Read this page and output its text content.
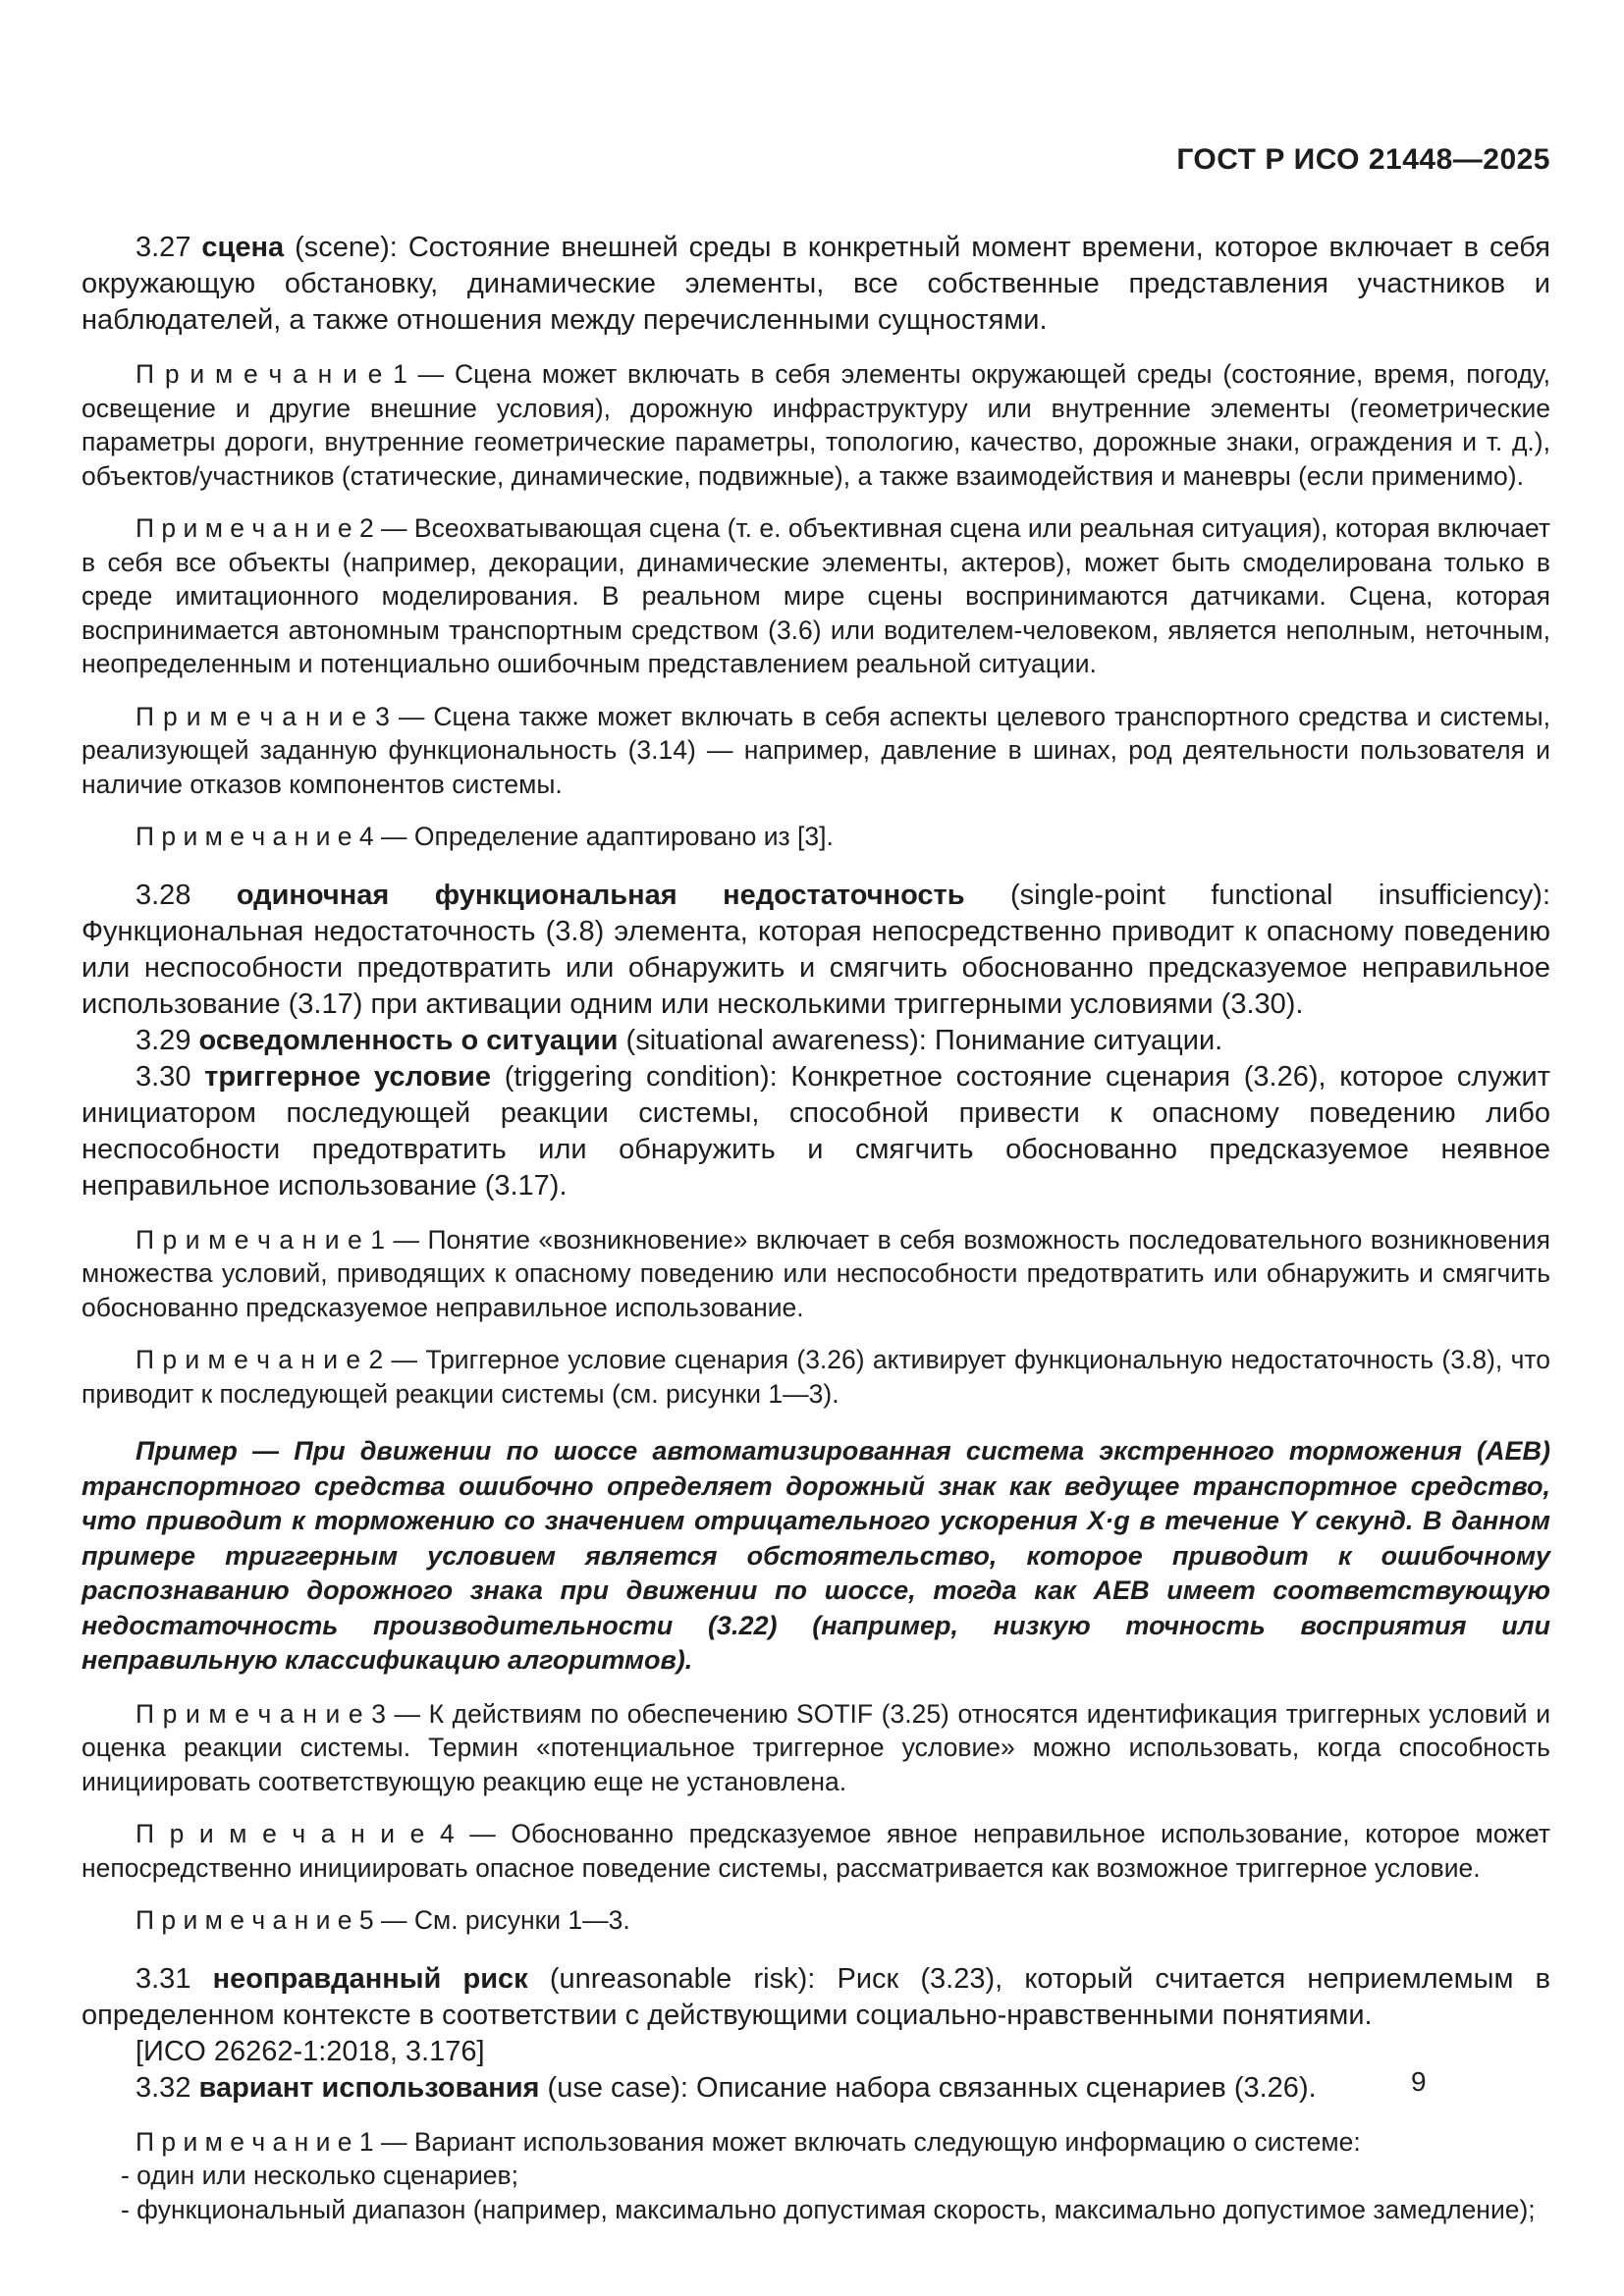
ГОСТ Р ИСО 21448—2025

3.27 сцена (scene): Состояние внешней среды в конкретный момент времени, которое включает в себя окружающую обстановку, динамические элементы, все собственные представления участников и наблюдателей, а также отношения между перечисленными сущностями.

П р и м е ч а н и е 1 — Сцена может включать в себя элементы окружающей среды (состояние, время, погоду, освещение и другие внешние условия), дорожную инфраструктуру или внутренние элементы (геометрические параметры дороги, внутренние геометрические параметры, топологию, качество, дорожные знаки, ограждения и т. д.), объектов/участников (статические, динамические, подвижные), а также взаимодействия и маневры (если применимо).

П р и м е ч а н и е 2 — Всеохватывающая сцена (т. е. объективная сцена или реальная ситуация), которая включает в себя все объекты (например, декорации, динамические элементы, актеров), может быть смоделирована только в среде имитационного моделирования. В реальном мире сцены воспринимаются датчиками. Сцена, которая воспринимается автономным транспортным средством (3.6) или водителем-человеком, является неполным, неточным, неопределенным и потенциально ошибочным представлением реальной ситуации.

П р и м е ч а н и е 3 — Сцена также может включать в себя аспекты целевого транспортного средства и системы, реализующей заданную функциональность (3.14) — например, давление в шинах, род деятельности пользователя и наличие отказов компонентов системы.

П р и м е ч а н и е 4 — Определение адаптировано из [3].

3.28 одиночная функциональная недостаточность (single-point functional insufficiency): Функциональная недостаточность (3.8) элемента, которая непосредственно приводит к опасному поведению или неспособности предотвратить или обнаружить и смягчить обоснованно предсказуемое неправильное использование (3.17) при активации одним или несколькими триггерными условиями (3.30).

3.29 осведомленность о ситуации (situational awareness): Понимание ситуации.

3.30 триггерное условие (triggering condition): Конкретное состояние сценария (3.26), которое служит инициатором последующей реакции системы, способной привести к опасному поведению либо неспособности предотвратить или обнаружить и смягчить обоснованно предсказуемое неявное неправильное использование (3.17).

П р и м е ч а н и е 1 — Понятие «возникновение» включает в себя возможность последовательного возникновения множества условий, приводящих к опасному поведению или неспособности предотвратить или обнаружить и смягчить обоснованно предсказуемое неправильное использование.

П р и м е ч а н и е 2 — Триггерное условие сценария (3.26) активирует функциональную недостаточность (3.8), что приводит к последующей реакции системы (см. рисунки 1—3).

Пример — При движении по шоссе автоматизированная система экстренного торможения (AEB) транспортного средства ошибочно определяет дорожный знак как ведущее транспортное средство, что приводит к торможению со значением отрицательного ускорения X·g в течение Y секунд. В данном примере триггерным условием является обстоятельство, которое приводит к ошибочному распознаванию дорожного знака при движении по шоссе, тогда как AEB имеет соответствующую недостаточность производительности (3.22) (например, низкую точность восприятия или неправильную классификацию алгоритмов).

П р и м е ч а н и е 3 — К действиям по обеспечению SOTIF (3.25) относятся идентификация триггерных условий и оценка реакции системы. Термин «потенциальное триггерное условие» можно использовать, когда способность инициировать соответствующую реакцию еще не установлена.

П р и м е ч а н и е 4 — Обоснованно предсказуемое явное неправильное использование, которое может непосредственно инициировать опасное поведение системы, рассматривается как возможное триггерное условие.

П р и м е ч а н и е 5 — См. рисунки 1—3.

3.31 неоправданный риск (unreasonable risk): Риск (3.23), который считается неприемлемым в определенном контексте в соответствии с действующими социально-нравственными понятиями.

[ИСО 26262-1:2018, 3.176]

3.32 вариант использования (use case): Описание набора связанных сценариев (3.26).

П р и м е ч а н и е 1 — Вариант использования может включать следующую информацию о системе:

- один или несколько сценариев;

- функциональный диапазон (например, максимально допустимая скорость, максимально допустимое замедление);

9
